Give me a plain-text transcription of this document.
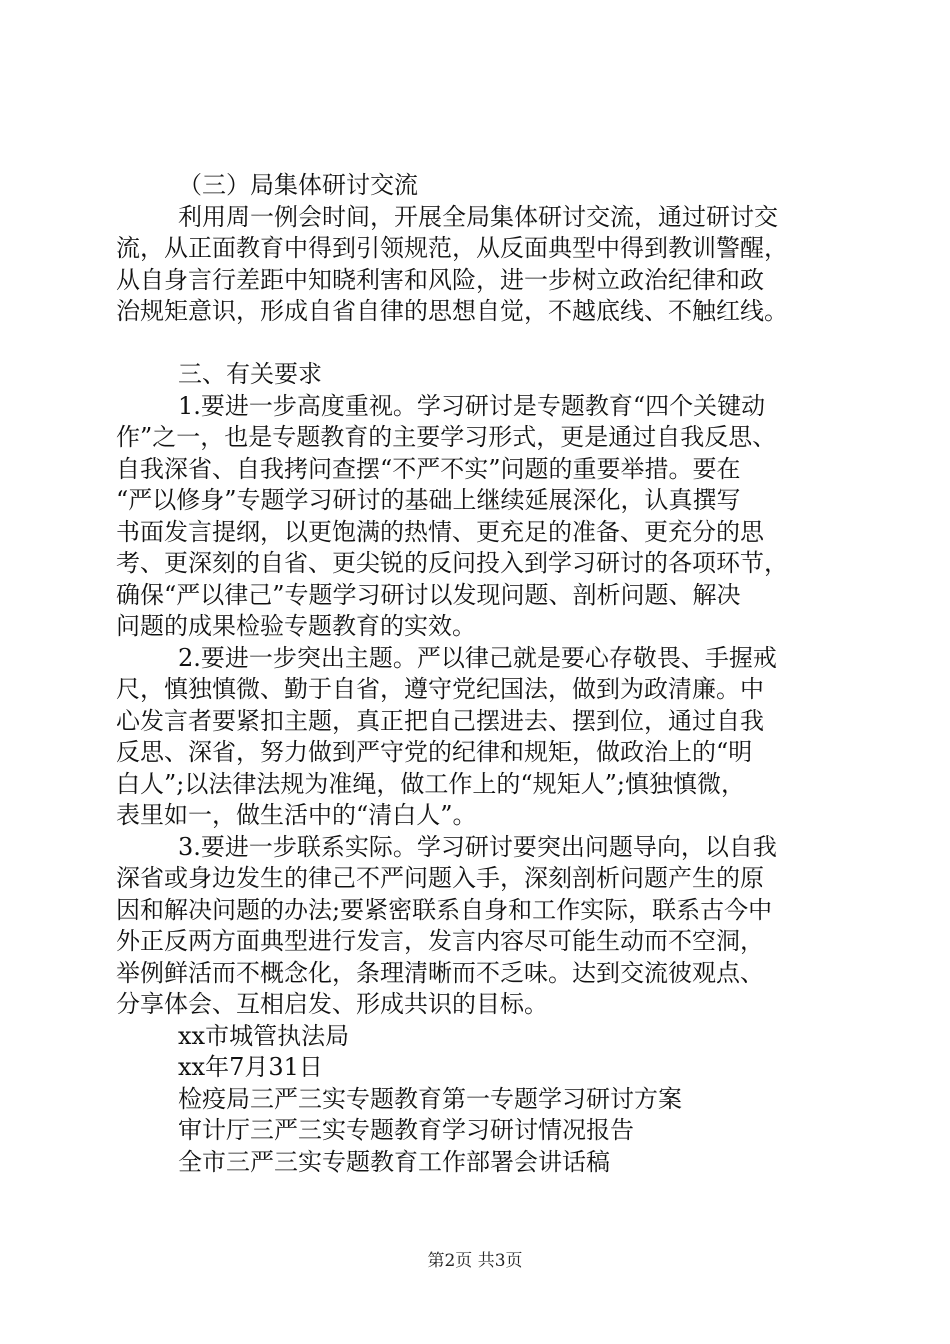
（三）局集体研讨交流
利用周一例会时间，开展全局集体研讨交流，通过研讨交
流，从正面教育中得到引领规范，从反面典型中得到教训警醒，
从自身言行差距中知晓利害和风险，进一步树立政治纪律和政
治规矩意识，形成自省自律的思想自觉，不越底线、不触红线。
三、有关要求
1.要进一步高度重视。学习研讨是专题教育“四个关键动
作”之一，也是专题教育的主要学习形式，更是通过自我反思、
自我深省、自我拷问查摆“不严不实”问题的重要举措。要在
“严以修身”专题学习研讨的基础上继续延展深化，认真撰写
书面发言提纲，以更饱满的热情、更充足的准备、更充分的思
考、更深刻的自省、更尖锐的反问投入到学习研讨的各项环节，
确保“严以律己”专题学习研讨以发现问题、剖析问题、解决
问题的成果检验专题教育的实效。
2.要进一步突出主题。严以律己就是要心存敬畏、手握戒
尺，慎独慎微、勤于自省，遵守党纪国法，做到为政清廉。中
心发言者要紧扣主题，真正把自己摆进去、摆到位，通过自我
反思、深省，努力做到严守党的纪律和规矩，做政治上的“明
白人”;以法律法规为准绳，做工作上的“规矩人”;慎独慎微，
表里如一，做生活中的“清白人”。
3.要进一步联系实际。学习研讨要突出问题导向，以自我
深省或身边发生的律己不严问题入手，深刻剖析问题产生的原
因和解决问题的办法;要紧密联系自身和工作实际，联系古今中
外正反两方面典型进行发言，发言内容尽可能生动而不空洞，
举例鲜活而不概念化，条理清晰而不乏味。达到交流彼观点、
分享体会、互相启发、形成共识的目标。
xx市城管执法局
xx年7月31日
检疫局三严三实专题教育第一专题学习研讨方案
审计厅三严三实专题教育学习研讨情况报告
全市三严三实专题教育工作部署会讲话稿
第2页 共3页
